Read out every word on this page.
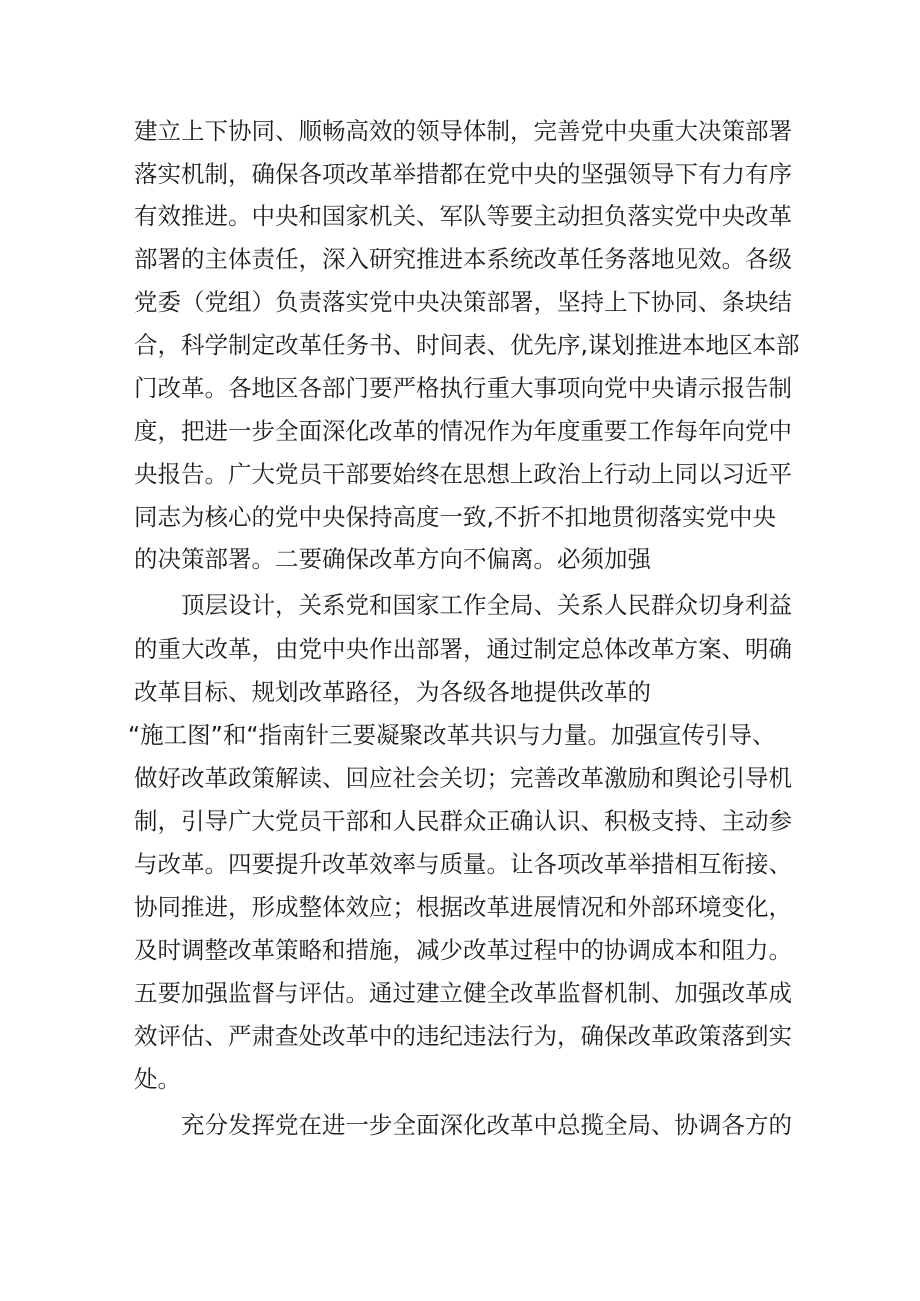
建立上下协同、顺畅高效的领导体制，完善党中央重大决策部署
落实机制，确保各项改革举措都在党中央的坚强领导下有力有序
有效推进。中央和国家机关、军队等要主动担负落实党中央改革
部署的主体责任，深入研究推进本系统改革任务落地见效。各级
党委（党组）负责落实党中央决策部署，坚持上下协同、条块结
合，科学制定改革任务书、时间表、优先序,谋划推进本地区本部
门改革。各地区各部门要严格执行重大事项向党中央请示报告制
度，把进一步全面深化改革的情况作为年度重要工作每年向党中
央报告。广大党员干部要始终在思想上政治上行动上同以习近平
同志为核心的党中央保持高度一致,不折不扣地贯彻落实党中央
的决策部署。二要确保改革方向不偏离。必须加强
顶层设计，关系党和国家工作全局、关系人民群众切身利益
的重大改革，由党中央作出部署，通过制定总体改革方案、明确
改革目标、规划改革路径，为各级各地提供改革的
“施工图”和“指南针三要凝聚改革共识与力量。加强宣传引导、
做好改革政策解读、回应社会关切；完善改革激励和舆论引导机
制，引导广大党员干部和人民群众正确认识、积极支持、主动参
与改革。四要提升改革效率与质量。让各项改革举措相互衔接、
协同推进，形成整体效应；根据改革进展情况和外部环境变化，
及时调整改革策略和措施，减少改革过程中的协调成本和阻力。
五要加强监督与评估。通过建立健全改革监督机制、加强改革成
效评估、严肃查处改革中的违纪违法行为，确保改革政策落到实
处。
充分发挥党在进一步全面深化改革中总揽全局、协调各方的
